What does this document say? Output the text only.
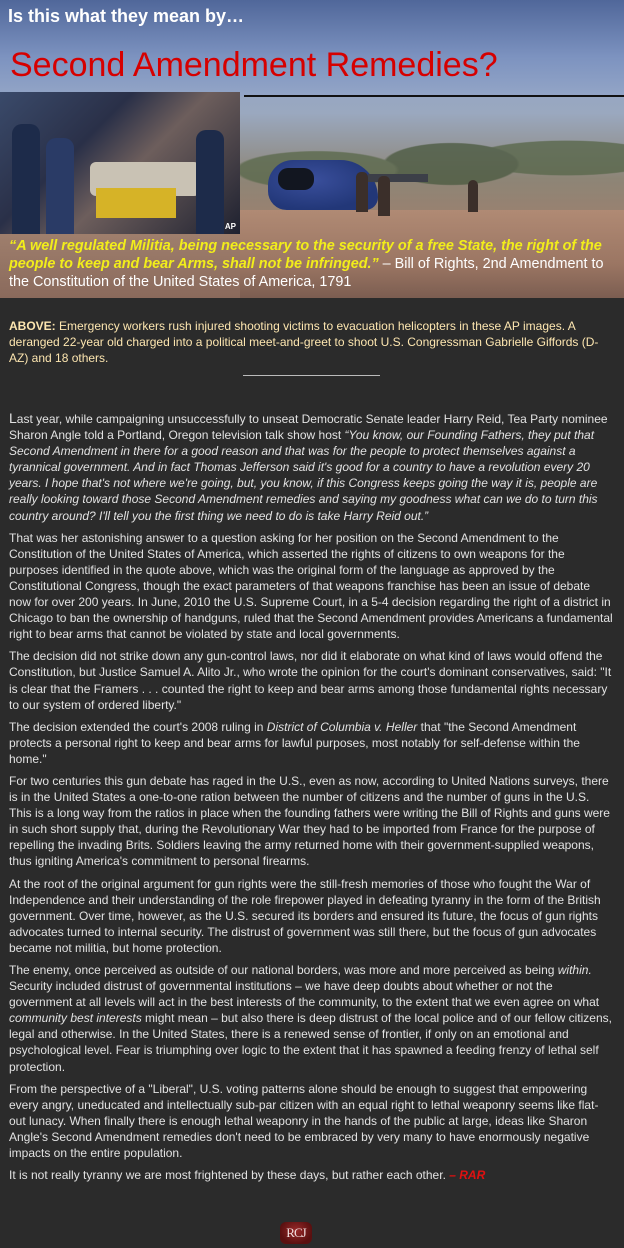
AP
Is this what they mean by…
Second Amendment Remedies?

“A well regulated Militia, being necessary to the security of a free State, the right of the people to keep and bear Arms, shall not be infringed.” – Bill of Rights, 2nd Amendment to the Constitution of the United States of America, 1791

ABOVE: Emergency workers rush injured shooting victims to evacuation helicopters in these AP images. A deranged 22-year old charged into a political meet-and-greet to shoot U.S. Congressman Gabrielle Giffords (D-AZ) and 18 others.

Last year, while campaigning unsuccessfully to unseat Democratic Senate leader Harry Reid, Tea Party nominee Sharon Angle told a Portland, Oregon television talk show host “You know, our Founding Fathers, they put that Second Amendment in there for a good reason and that was for the people to protect themselves against a tyrannical government. And in fact Thomas Jefferson said it's good for a country to have a revolution every 20 years. I hope that's not where we're going, but, you know, if this Congress keeps going the way it is, people are really looking toward those Second Amendment remedies and saying my goodness what can we do to turn this country around? I'll tell you the first thing we need to do is take Harry Reid out.”

That was her astonishing answer to a question asking for her position on the Second Amendment to the Constitution of the United States of America, which asserted the rights of citizens to own weapons for the purposes identified in the quote above, which was the original form of the language as approved by the Constitutional Congress, though the exact parameters of that weapons franchise has been an issue of debate now for over 200 years. In June, 2010 the U.S. Supreme Court, in a 5-4 decision regarding the right of a district in Chicago to ban the ownership of handguns, ruled that the Second Amendment provides Americans a fundamental right to bear arms that cannot be violated by state and local governments.

The decision did not strike down any gun-control laws, nor did it elaborate on what kind of laws would offend the Constitution, but Justice Samuel A. Alito Jr., who wrote the opinion for the court's dominant conservatives, said: "It is clear that the Framers . . . counted the right to keep and bear arms among those fundamental rights necessary to our system of ordered liberty."

The decision extended the court's 2008 ruling in District of Columbia v. Heller that "the Second Amendment protects a personal right to keep and bear arms for lawful purposes, most notably for self-defense within the home."

For two centuries this gun debate has raged in the U.S., even as now, according to United Nations surveys, there is in the United States a one-to-one ration between the number of citizens and the number of guns in the U.S. This is a long way from the ratios in place when the founding fathers were writing the Bill of Rights and guns were in such short supply that, during the Revolutionary War they had to be imported from France for the purpose of repelling the invading Brits. Soldiers leaving the army returned home with their government-supplied weapons, thus igniting America's commitment to personal firearms.

At the root of the original argument for gun rights were the still-fresh memories of those who fought the War of Independence and their understanding of the role firepower played in defeating tyranny in the form of the British government. Over time, however, as the U.S. secured its borders and ensured its future, the focus of gun rights advocates turned to internal security. The distrust of government was still there, but the focus of gun advocates became not militia, but home protection.

The enemy, once perceived as outside of our national borders, was more and more perceived as being within. Security included distrust of governmental institutions – we have deep doubts about whether or not the government at all levels will act in the best interests of the community, to the extent that we even agree on what community best interests might mean – but also there is deep distrust of the local police and of our fellow citizens, legal and otherwise. In the United States, there is a renewed sense of frontier, if only on an emotional and psychological level. Fear is triumphing over logic to the extent that it has spawned a feeding frenzy of lethal self protection.

From the perspective of a "Liberal", U.S. voting patterns alone should be enough to suggest that empowering every angry, uneducated and intellectually sub-par citizen with an equal right to lethal weaponry seems like flat-out lunacy. When finally there is enough lethal weaponry in the hands of the public at large, ideas like Sharon Angle's Second Amendment remedies don't need to be embraced by very many to have enormously negative impacts on the entire population.

It is not really tyranny we are most frightened by these days, but rather each other. – RAR

RCJ
